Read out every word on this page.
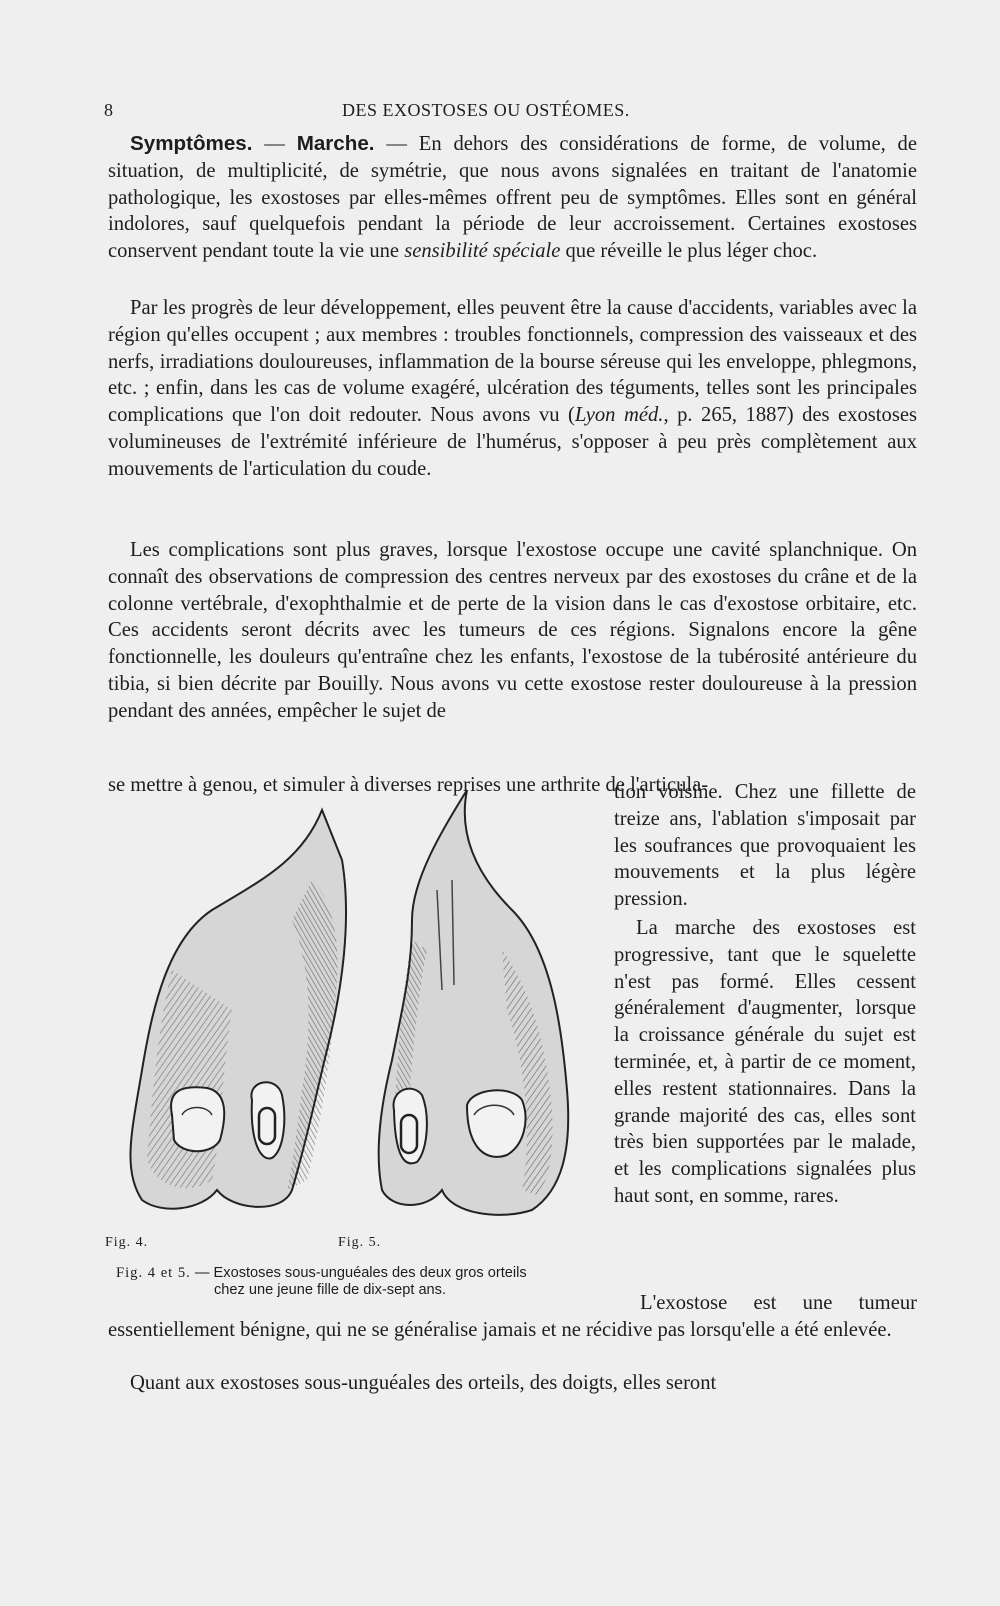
8	DES EXOSTOSES OU OSTÉOMES.

Symptômes. — Marche. — En dehors des considérations de forme, de volume, de situation, de multiplicité, de symétrie, que nous avons signalées en traitant de l'anatomie pathologique, les exostoses par elles-mêmes offrent peu de symptômes. Elles sont en général indolores, sauf quelquefois pendant la période de leur accroissement. Certaines exostoses conservent pendant toute la vie une sensibilité spéciale que réveille le plus léger choc.

Par les progrès de leur développement, elles peuvent être la cause d'accidents, variables avec la région qu'elles occupent ; aux membres : troubles fonctionnels, compression des vaisseaux et des nerfs, irradiations douloureuses, inflammation de la bourse séreuse qui les enveloppe, phlegmons, etc. ; enfin, dans les cas de volume exagéré, ulcération des téguments, telles sont les principales complications que l'on doit redouter. Nous avons vu (Lyon méd., p. 265, 1887) des exostoses volumineuses de l'extrémité inférieure de l'humérus, s'opposer à peu près complètement aux mouvements de l'articulation du coude.

Les complications sont plus graves, lorsque l'exostose occupe une cavité splanchnique. On connaît des observations de compression des centres nerveux par des exostoses du crâne et de la colonne vertébrale, d'exophthalmie et de perte de la vision dans le cas d'exostose orbitaire, etc. Ces accidents seront décrits avec les tumeurs de ces régions. Signalons encore la gêne fonctionnelle, les douleurs qu'entraîne chez les enfants, l'exostose de la tubérosité antérieure du tibia, si bien décrite par Bouilly. Nous avons vu cette exostose rester douloureuse à la pression pendant des années, empêcher le sujet de

se mettre à genou, et simuler à diverses reprises une arthrite de l'articula-

tion voisine. Chez une fillette de treize ans, l'ablation s'imposait par les soufrances que provoquaient les mouvements et la plus légère pression.

La marche des exostoses est progressive, tant que le squelette n'est pas formé. Elles cessent généralement d'augmenter, lorsque la croissance générale du sujet est terminée, et, à partir de ce moment, elles restent stationnaires. Dans la grande majorité des cas, elles sont très bien supportées par le malade, et les complications signalées plus haut sont, en somme, rares.

Fig. 4.	Fig. 5.
Fig. 4 et 5. — Exostoses sous-unguéales des deux gros orteils
chez une jeune fille de dix-sept ans.

L'exostose est une tumeur essentiellement bénigne, qui ne se généralise jamais et ne récidive pas lorsqu'elle a été enlevée.

Quant aux exostoses sous-unguéales des orteils, des doigts, elles seront
